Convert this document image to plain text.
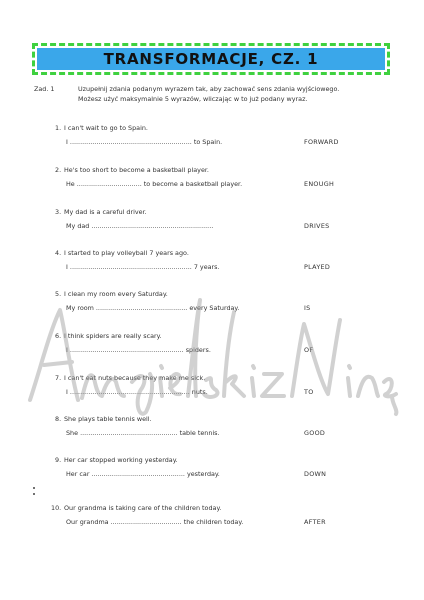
TRANSFORMACJE, CZ. 1
Zad. 1	Uzupełnij zdania podanym wyrazem tak, aby zachować sens zdania wyjściowego.
Możesz użyć maksymalnie 5 wyrazów, wliczając w to już podany wyraz.
1. I can't wait to go to Spain.
I ............................................................ to Spain.	FORWARD
2. He's too short to become a basketball player.
He ................................ to become a basketball player.	ENOUGH
3. My dad is a careful driver.
My dad ............................................................	DRIVES
4. I started to play volleyball 7 years ago.
I ............................................................ 7 years.	PLAYED
5. I clean my room every Saturday.
My room ............................................. every Saturday.	IS
6. I think spiders are really scary.
I ........................................................ spiders.	OF
7. I can't eat nuts because they make me sick.
I ........................................................... nuts.	TO
8. She plays table tennis well.
She ................................................ table tennis.	GOOD
9. Her car stopped working yesterday.
Her car .............................................. yesterday.	DOWN
10. Our grandma is taking care of the children today.
Our grandma ................................... the children today.	AFTER
